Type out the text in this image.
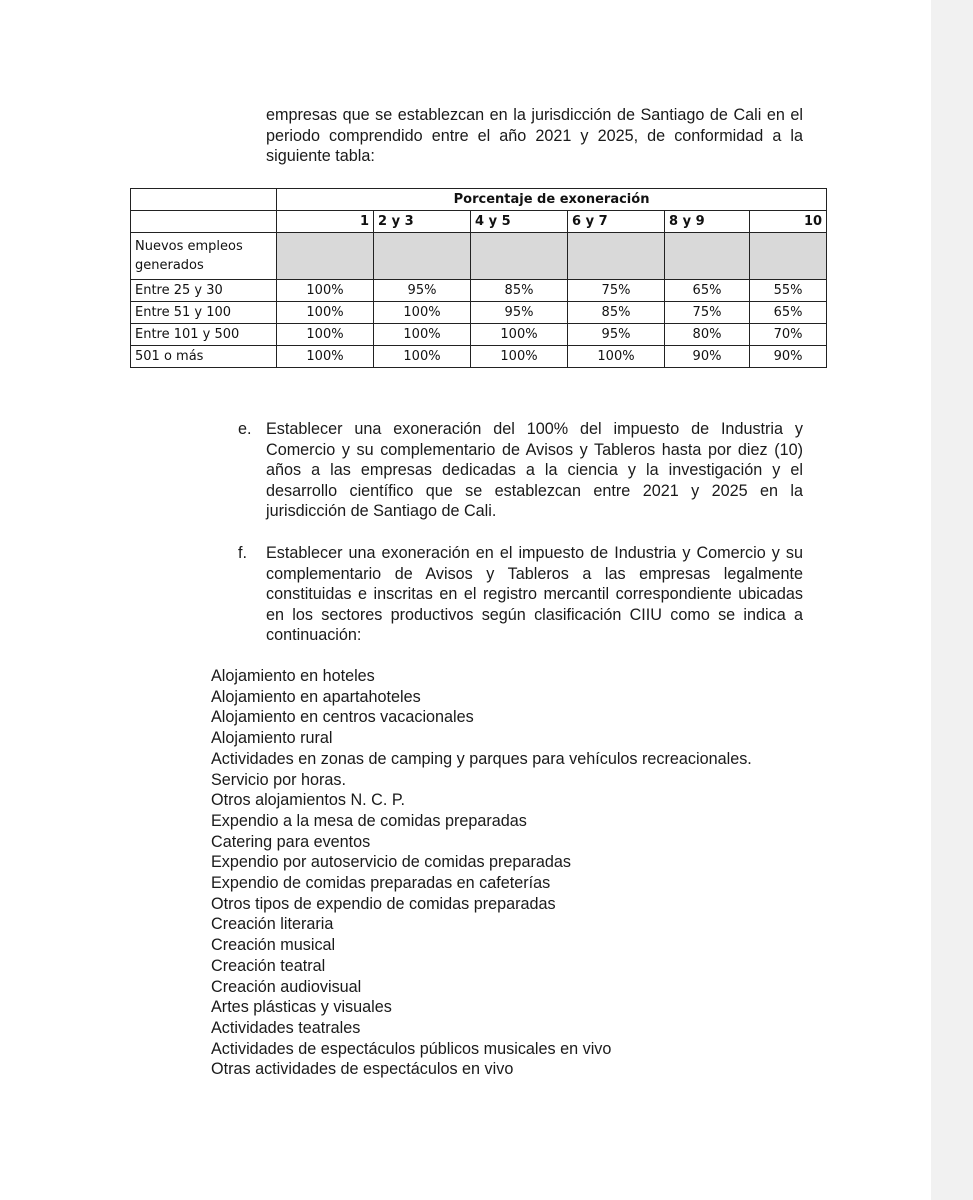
empresas que se establezcan en la jurisdicción de Santiago de Cali en el periodo comprendido entre el año 2021 y 2025, de conformidad a la siguiente tabla:

	Porcentaje de exoneración					
	1	2 y 3	4 y 5	6 y 7	8 y 9	10
Nuevos empleos generados						
Entre 25 y 30	100%	95%	85%	75%	65%	55%
Entre 51 y 100	100%	100%	95%	85%	75%	65%
Entre 101 y 500	100%	100%	100%	95%	80%	70%
501 o más	100%	100%	100%	100%	90%	90%
e. Establecer una exoneración del 100% del impuesto de Industria y Comercio y su complementario de Avisos y Tableros hasta por diez (10) años a las empresas dedicadas a la ciencia y la investigación y el desarrollo científico que se establezcan entre 2021 y 2025 en la jurisdicción de Santiago de Cali.
f. Establecer una exoneración en el impuesto de Industria y Comercio y su complementario de Avisos y Tableros a las empresas legalmente constituidas e inscritas en el registro mercantil correspondiente ubicadas en los sectores productivos según clasificación CIIU como se indica a continuación:
Alojamiento en hoteles
Alojamiento en apartahoteles
Alojamiento en centros vacacionales
Alojamiento rural
Actividades en zonas de camping y parques para vehículos recreacionales.
Servicio por horas.
Otros alojamientos N. C. P.
Expendio a la mesa de comidas preparadas
Catering para eventos
Expendio por autoservicio de comidas preparadas
Expendio de comidas preparadas en cafeterías
Otros tipos de expendio de comidas preparadas
Creación literaria
Creación musical
Creación teatral
Creación audiovisual
Artes plásticas y visuales
Actividades teatrales
Actividades de espectáculos públicos musicales en vivo
Otras actividades de espectáculos en vivo
